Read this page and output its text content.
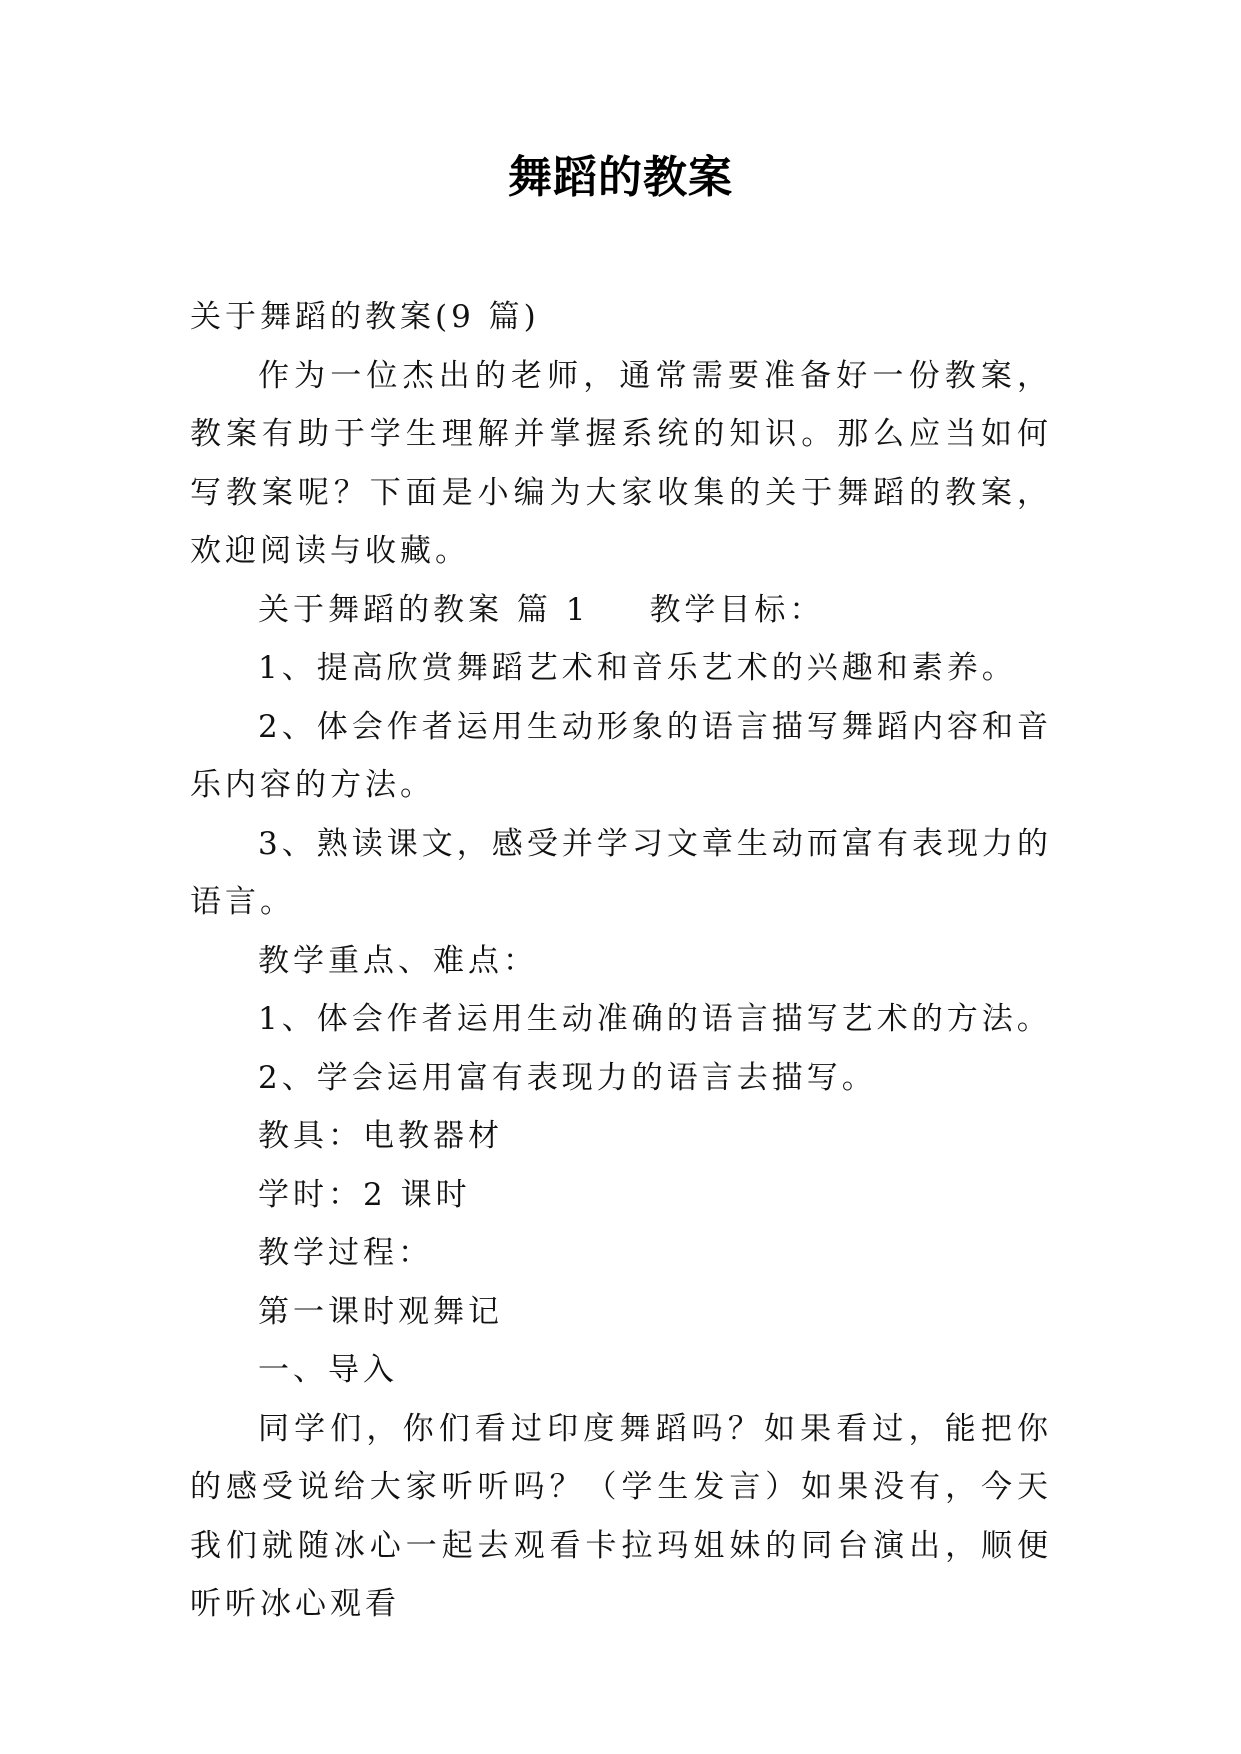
舞蹈的教案

关于舞蹈的教案(9 篇)

作为一位杰出的老师，通常需要准备好一份教案，教案有助于学生理解并掌握系统的知识。那么应当如何写教案呢？下面是小编为大家收集的关于舞蹈的教案，欢迎阅读与收藏。

关于舞蹈的教案 篇 1 教学目标：

1、提高欣赏舞蹈艺术和音乐艺术的兴趣和素养。

2、体会作者运用生动形象的语言描写舞蹈内容和音乐内容的方法。

3、熟读课文，感受并学习文章生动而富有表现力的语言。

教学重点、难点：

1、体会作者运用生动准确的语言描写艺术的方法。

2、学会运用富有表现力的语言去描写。

教具：电教器材

学时：2 课时

教学过程：

第一课时观舞记

一、导入

同学们，你们看过印度舞蹈吗？如果看过，能把你的感受说给大家听听吗？（学生发言）如果没有，今天我们就随冰心一起去观看卡拉玛姐妹的同台演出，顺便听听冰心观看
